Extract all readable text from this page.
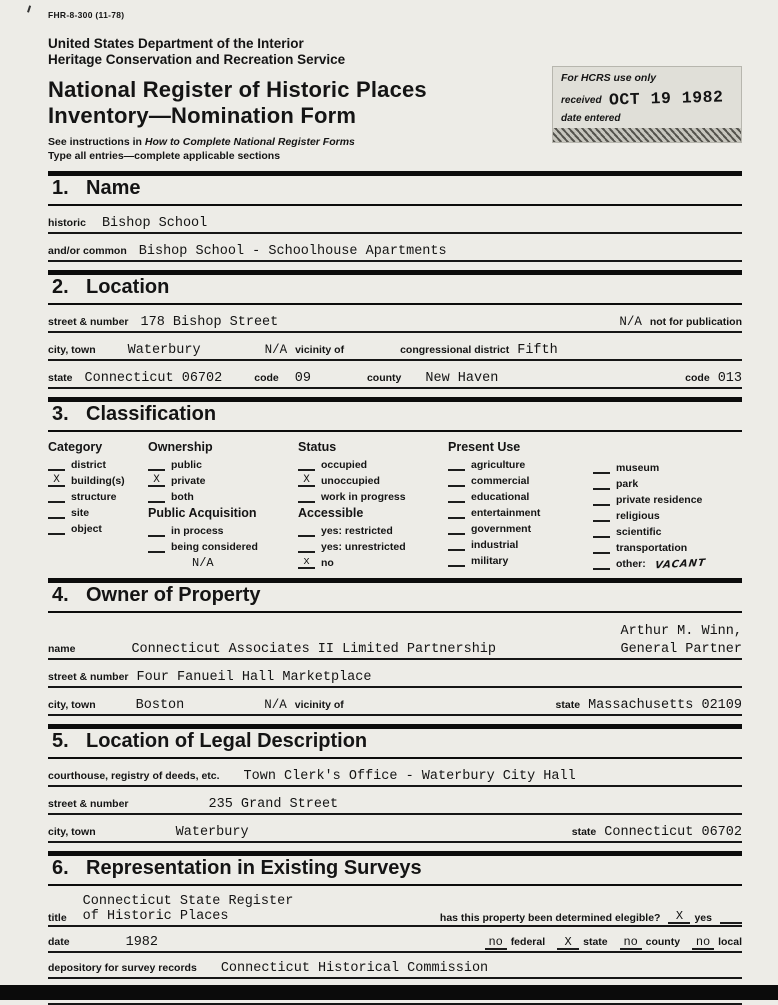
FHR-8-300 (11-78)
United States Department of the Interior
Heritage Conservation and Recreation Service
National Register of Historic Places
Inventory—Nomination Form
See instructions in How to Complete National Register Forms
Type all entries—complete applicable sections
For HCRS use only
received OCT 19 1982
date entered
1. Name
historic Bishop School
and/or common Bishop School - Schoolhouse Apartments
2. Location
street & number 178 Bishop Street	N/A not for publication
city, town Waterbury	N/A vicinity of	congressional district Fifth
state Connecticut 06702	code 09	county New Haven	code 013
3. Classification
Category
district
X	building(s)
structure
site
object
Ownership
public
X	private
both
Public Acquisition
in process
being considered
N/A
Status
occupied
X	unoccupied
work in progress
Accessible
yes: restricted
yes: unrestricted
x	no
Present Use
agriculture
commercial
educational
entertainment
government
industrial
military
museum
park
private residence
religious
scientific
transportation
other: VACANT
4. Owner of Property
Arthur M. Winn,
name	Connecticut Associates II Limited Partnership	General Partner
street & number Four Fanueil Hall Marketplace
city, town	Boston	N/A vicinity of	state Massachusetts 02109
5. Location of Legal Description
courthouse, registry of deeds, etc. Town Clerk's Office - Waterbury City Hall
street & number	235 Grand Street
city, town	Waterbury	state Connecticut 06702
6. Representation in Existing Surveys
title
Connecticut State Register
of Historic Places	has this property been determined elegible?	X	yes
date	1982	no federal	X	state	no county	no local
depository for survey records Connecticut Historical Commission
